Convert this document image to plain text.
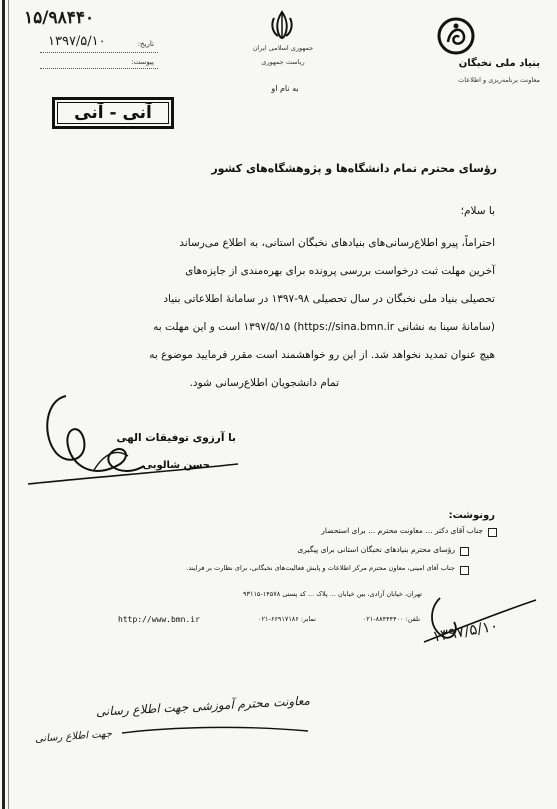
۱۵/۹۸۴۴۰
۱۳۹۷/۵/۱۰	تاریخ:
پیوست:
جمهوری اسلامی ایران
ریاست جمهوری
به نام او
بنیاد ملی نخبگان
معاونت برنامه‌ریزی و اطلاعات
آنی - آنی
رؤسای محترم تمام دانشگاه‌ها و پژوهشگاه‌های کشور
با سلام؛
احتراماً، پیرو اطلاع‌رسانی‌های بنیادهای نخبگان استانی، به اطلاع می‌رساند
آخرین مهلت ثبت درخواست بررسی پرونده برای بهره‌مندی از جایزه‌های
تحصیلی بنیاد ملی نخبگان در سال تحصیلی ۹۸-۱۳۹۷ در سامانهٔ اطلاعاتی بنیاد
(سامانهٔ سینا به نشانی https://sina.bmn.ir) ۱۳۹۷/۵/۱۵ است و این مهلت به
هیچ عنوان تمدید نخواهد شد. از این رو خواهشمند است مقرر فرمایید موضوع به
تمام دانشجویان اطلاع‌رسانی شود.
با آرزوی توفیقات الهی
حسن شالوبی
رونوشت:
جناب آقای دکتر ... معاونت محترم ... برای استحضار
رؤسای محترم بنیادهای نخبگان استانی برای پیگیری
جناب آقای امینی، معاون محترم مرکز اطلاعات و پایش فعالیت‌های نخبگانی، برای نظارت بر فرایند.
تهران، خیابان آزادی، بین خیابان ... پلاک ... کد پستی ۱۴۵۷۸-۹۳۱۱۵
http://www.bmn.ir	نمابر: ۶۶۹۱۷۱۸۶-۰۲۱	تلفن: ۸۸۴۴۴۴۰۰-۰۲۱ ۱۳۹۷/۵/۱۰
معاونت محترم آموزشی جهت اطلاع رسانی
جهت اطلاع رسانی
